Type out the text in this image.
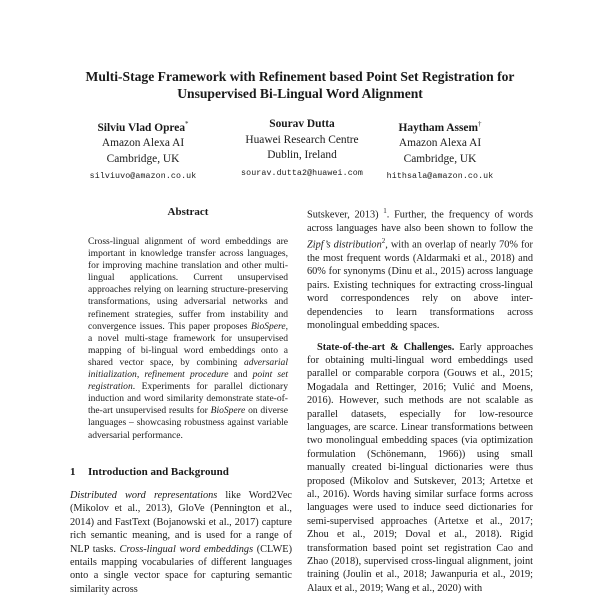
Multi-Stage Framework with Refinement based Point Set Registration for
Unsupervised Bi-Lingual Word Alignment
Silviu Vlad Oprea*
Amazon Alexa AI
Cambridge, UK
silviuvo@amazon.co.uk
Sourav Dutta
Huawei Research Centre
Dublin, Ireland
sourav.dutta2@huawei.com
Haytham Assem†
Amazon Alexa AI
Cambridge, UK
hithsala@amazon.co.uk
Abstract
Cross-lingual alignment of word embeddings are important in knowledge transfer across languages, for improving machine translation and other multi-lingual applications. Current unsupervised approaches relying on learning structure-preserving transformations, using adversarial networks and refinement strategies, suffer from instability and convergence issues. This paper proposes BioSpere, a novel multi-stage framework for unsupervised mapping of bi-lingual word embeddings onto a shared vector space, by combining adversarial initialization, refinement procedure and point set registration. Experiments for parallel dictionary induction and word similarity demonstrate state-of-the-art unsupervised results for BioSpere on diverse languages – showcasing robustness against variable adversarial performance.
1 Introduction and Background
Distributed word representations like Word2Vec (Mikolov et al., 2013), GloVe (Pennington et al., 2014) and FastText (Bojanowski et al., 2017) capture rich semantic meaning, and is used for a range of NLP tasks. Cross-lingual word embeddings (CLWE) entails mapping vocabularies of different languages onto a single vector space for capturing semantic similarity across

Sutskever, 2013) $^1$. Further, the frequency of words across languages have also been shown to follow the Zipf’s distribution$^2$, with an overlap of nearly 70% for the most frequent words (Aldarmaki et al., 2018) and 60% for synonyms (Dinu et al., 2015) across language pairs. Existing techniques for extracting cross-lingual word correspondences rely on above inter-dependencies to learn transformations across monolingual embedding spaces.

State-of-the-art & Challenges. Early approaches for obtaining multi-lingual word embeddings used parallel or comparable corpora (Gouws et al., 2015; Mogadala and Rettinger, 2016; Vulić and Moens, 2016). However, such methods are not scalable as parallel datasets, especially for low-resource languages, are scarce. Linear transformations between two monolingual embedding spaces (via optimization formulation (Schönemann, 1966)) using small manually created bi-lingual dictionaries were thus proposed (Mikolov and Sutskever, 2013; Artetxe et al., 2016). Words having similar surface forms across languages were used to induce seed dictionaries for semi-supervised approaches (Artetxe et al., 2017; Zhou et al., 2019; Doval et al., 2018). Rigid transformation based point set registration Cao and Zhao (2018), supervised cross-lingual alignment, joint training (Joulin et al., 2018; Jawanpuria et al., 2019; Alaux et al., 2019; Wang et al., 2020) with
